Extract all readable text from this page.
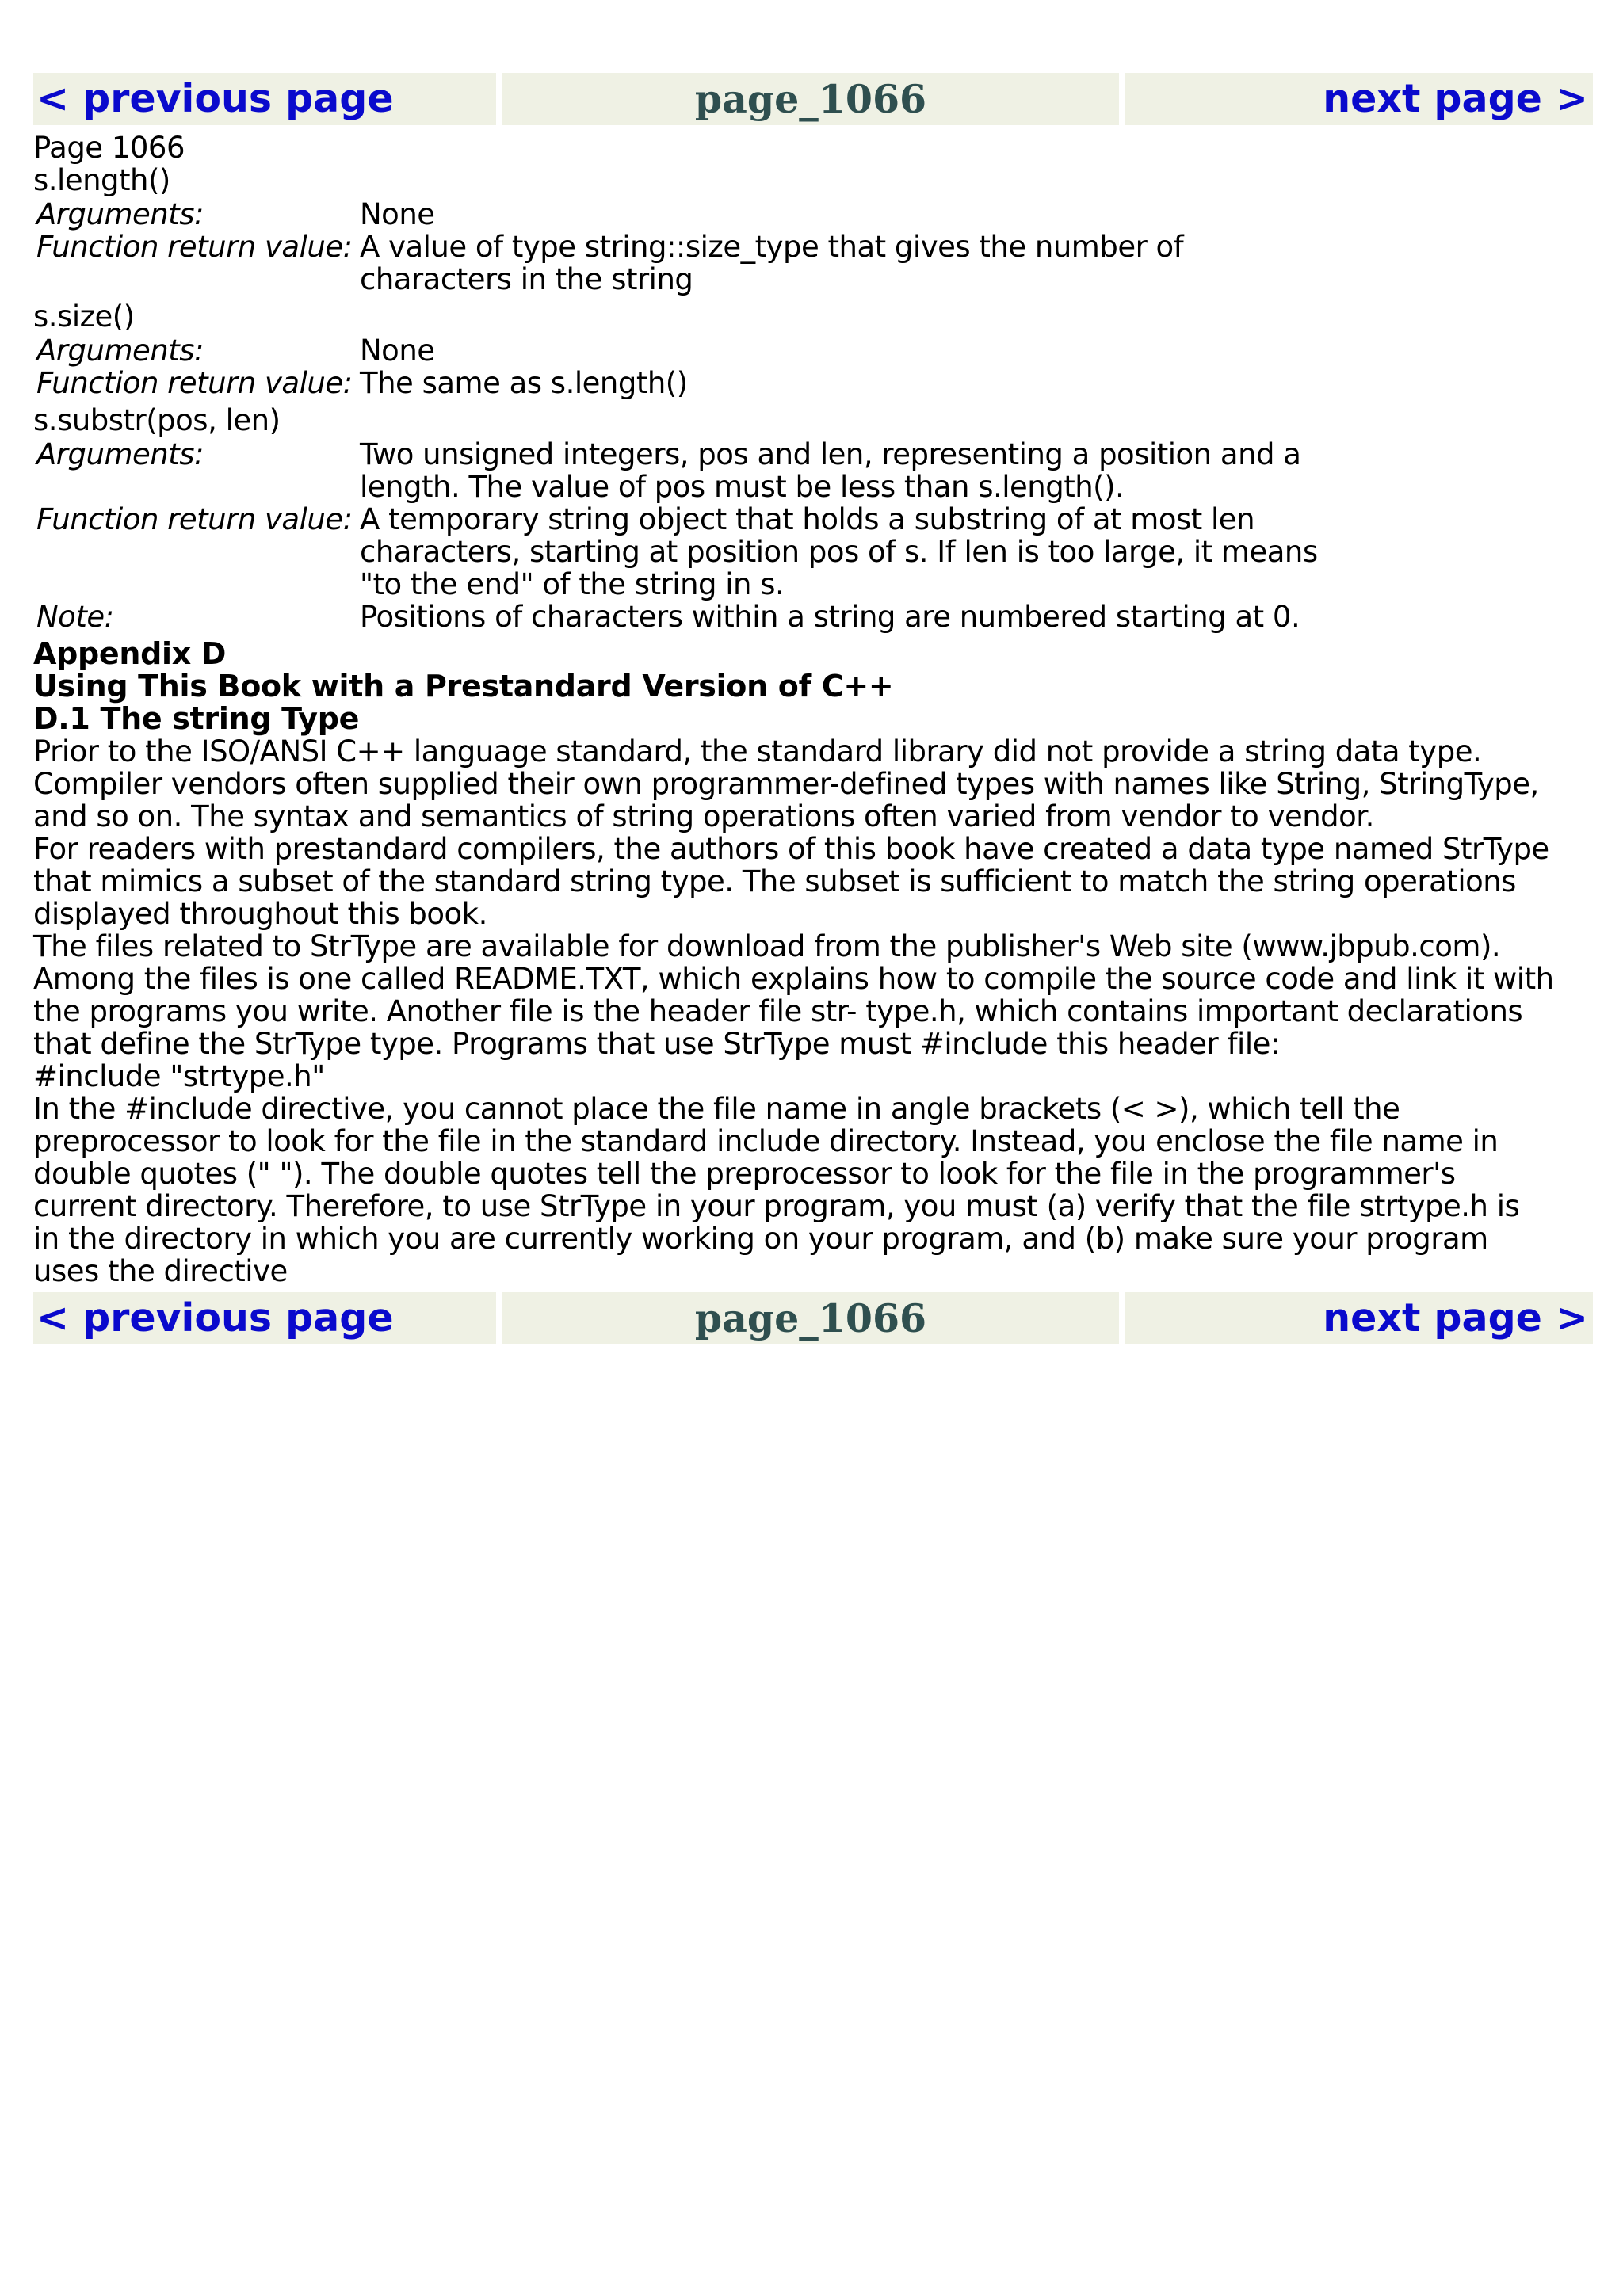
< previous page	page_1066	next page >
Page 1066
s.length()
Arguments:	None
Function return value: A value of type string::size_type that gives the number of
characters in the string
s.size()
Arguments:	None
Function return value: The same as s.length()
s.substr(pos, len)
Arguments:	Two unsigned integers, pos and len, representing a position and a
length. The value of pos must be less than s.length().
Function return value: A temporary string object that holds a substring of at most len
characters, starting at position pos of s. If len is too large, it means
"to the end" of the string in s.
Note:	Positions of characters within a string are numbered starting at 0.
Appendix D
Using This Book with a Prestandard Version of C++
D.1 The string Type
Prior to the ISO/ANSI C++ language standard, the standard library did not provide a string data type.
Compiler vendors often supplied their own programmer-defined types with names like String, StringType,
and so on. The syntax and semantics of string operations often varied from vendor to vendor.
For readers with prestandard compilers, the authors of this book have created a data type named StrType
that mimics a subset of the standard string type. The subset is sufficient to match the string operations
displayed throughout this book.
The files related to StrType are available for download from the publisher's Web site (www.jbpub.com).
Among the files is one called README.TXT, which explains how to compile the source code and link it with
the programs you write. Another file is the header file str- type.h, which contains important declarations
that define the StrType type. Programs that use StrType must #include this header file:
#include "strtype.h"
In the #include directive, you cannot place the file name in angle brackets (< >), which tell the
preprocessor to look for the file in the standard include directory. Instead, you enclose the file name in
double quotes (" "). The double quotes tell the preprocessor to look for the file in the programmer's
current directory. Therefore, to use StrType in your program, you must (a) verify that the file strtype.h is
in the directory in which you are currently working on your program, and (b) make sure your program
uses the directive
< previous page	page_1066	next page >
